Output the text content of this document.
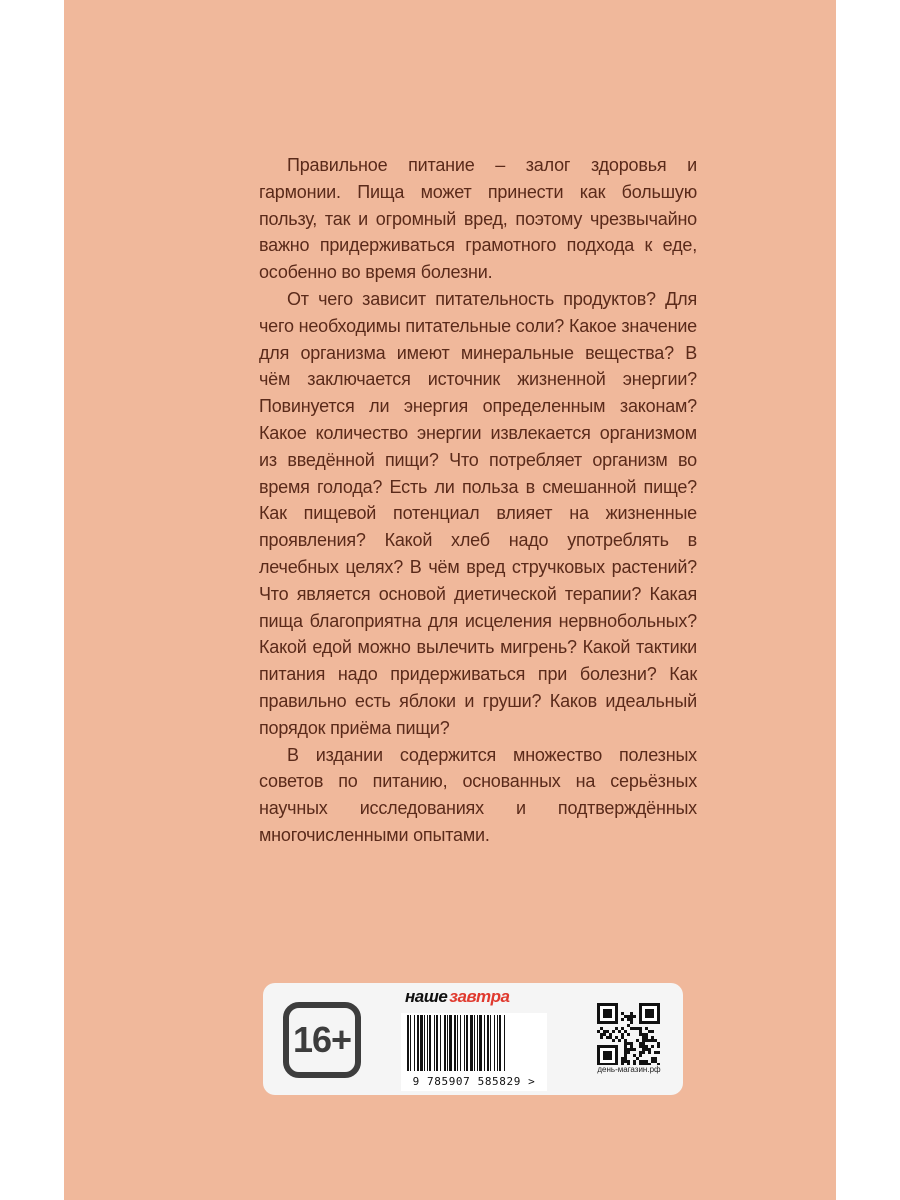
Правильное питание – залог здоровья и гармонии. Пища может принести как большую пользу, так и огромный вред, поэтому чрезвычайно важно придерживаться грамотного подхода к еде, особенно во время болезни.

От чего зависит питательность продуктов? Для чего необходимы питательные соли? Какое значение для организма имеют минеральные вещества? В чём заключается источник жизненной энергии? Повинуется ли энергия определенным законам? Какое количество энергии извлекается организмом из введённой пищи? Что потребляет организм во время голода? Есть ли польза в смешанной пище? Как пищевой потенциал влияет на жизненные проявления? Какой хлеб надо употреблять в лечебных целях? В чём вред стручковых растений? Что является основой диетической терапии? Какая пища благоприятна для исцеления нервнобольных? Какой едой можно вылечить мигрень? Какой тактики питания надо придерживаться при болезни? Как правильно есть яблоки и груши? Каков идеальный порядок приёма пищи?

В издании содержится множество полезных советов по питанию, основанных на серьёзных научных исследованиях и подтверждённых многочисленными опытами.

16+
наше завтра
9 785907 585829 >
день-магазин.рф
